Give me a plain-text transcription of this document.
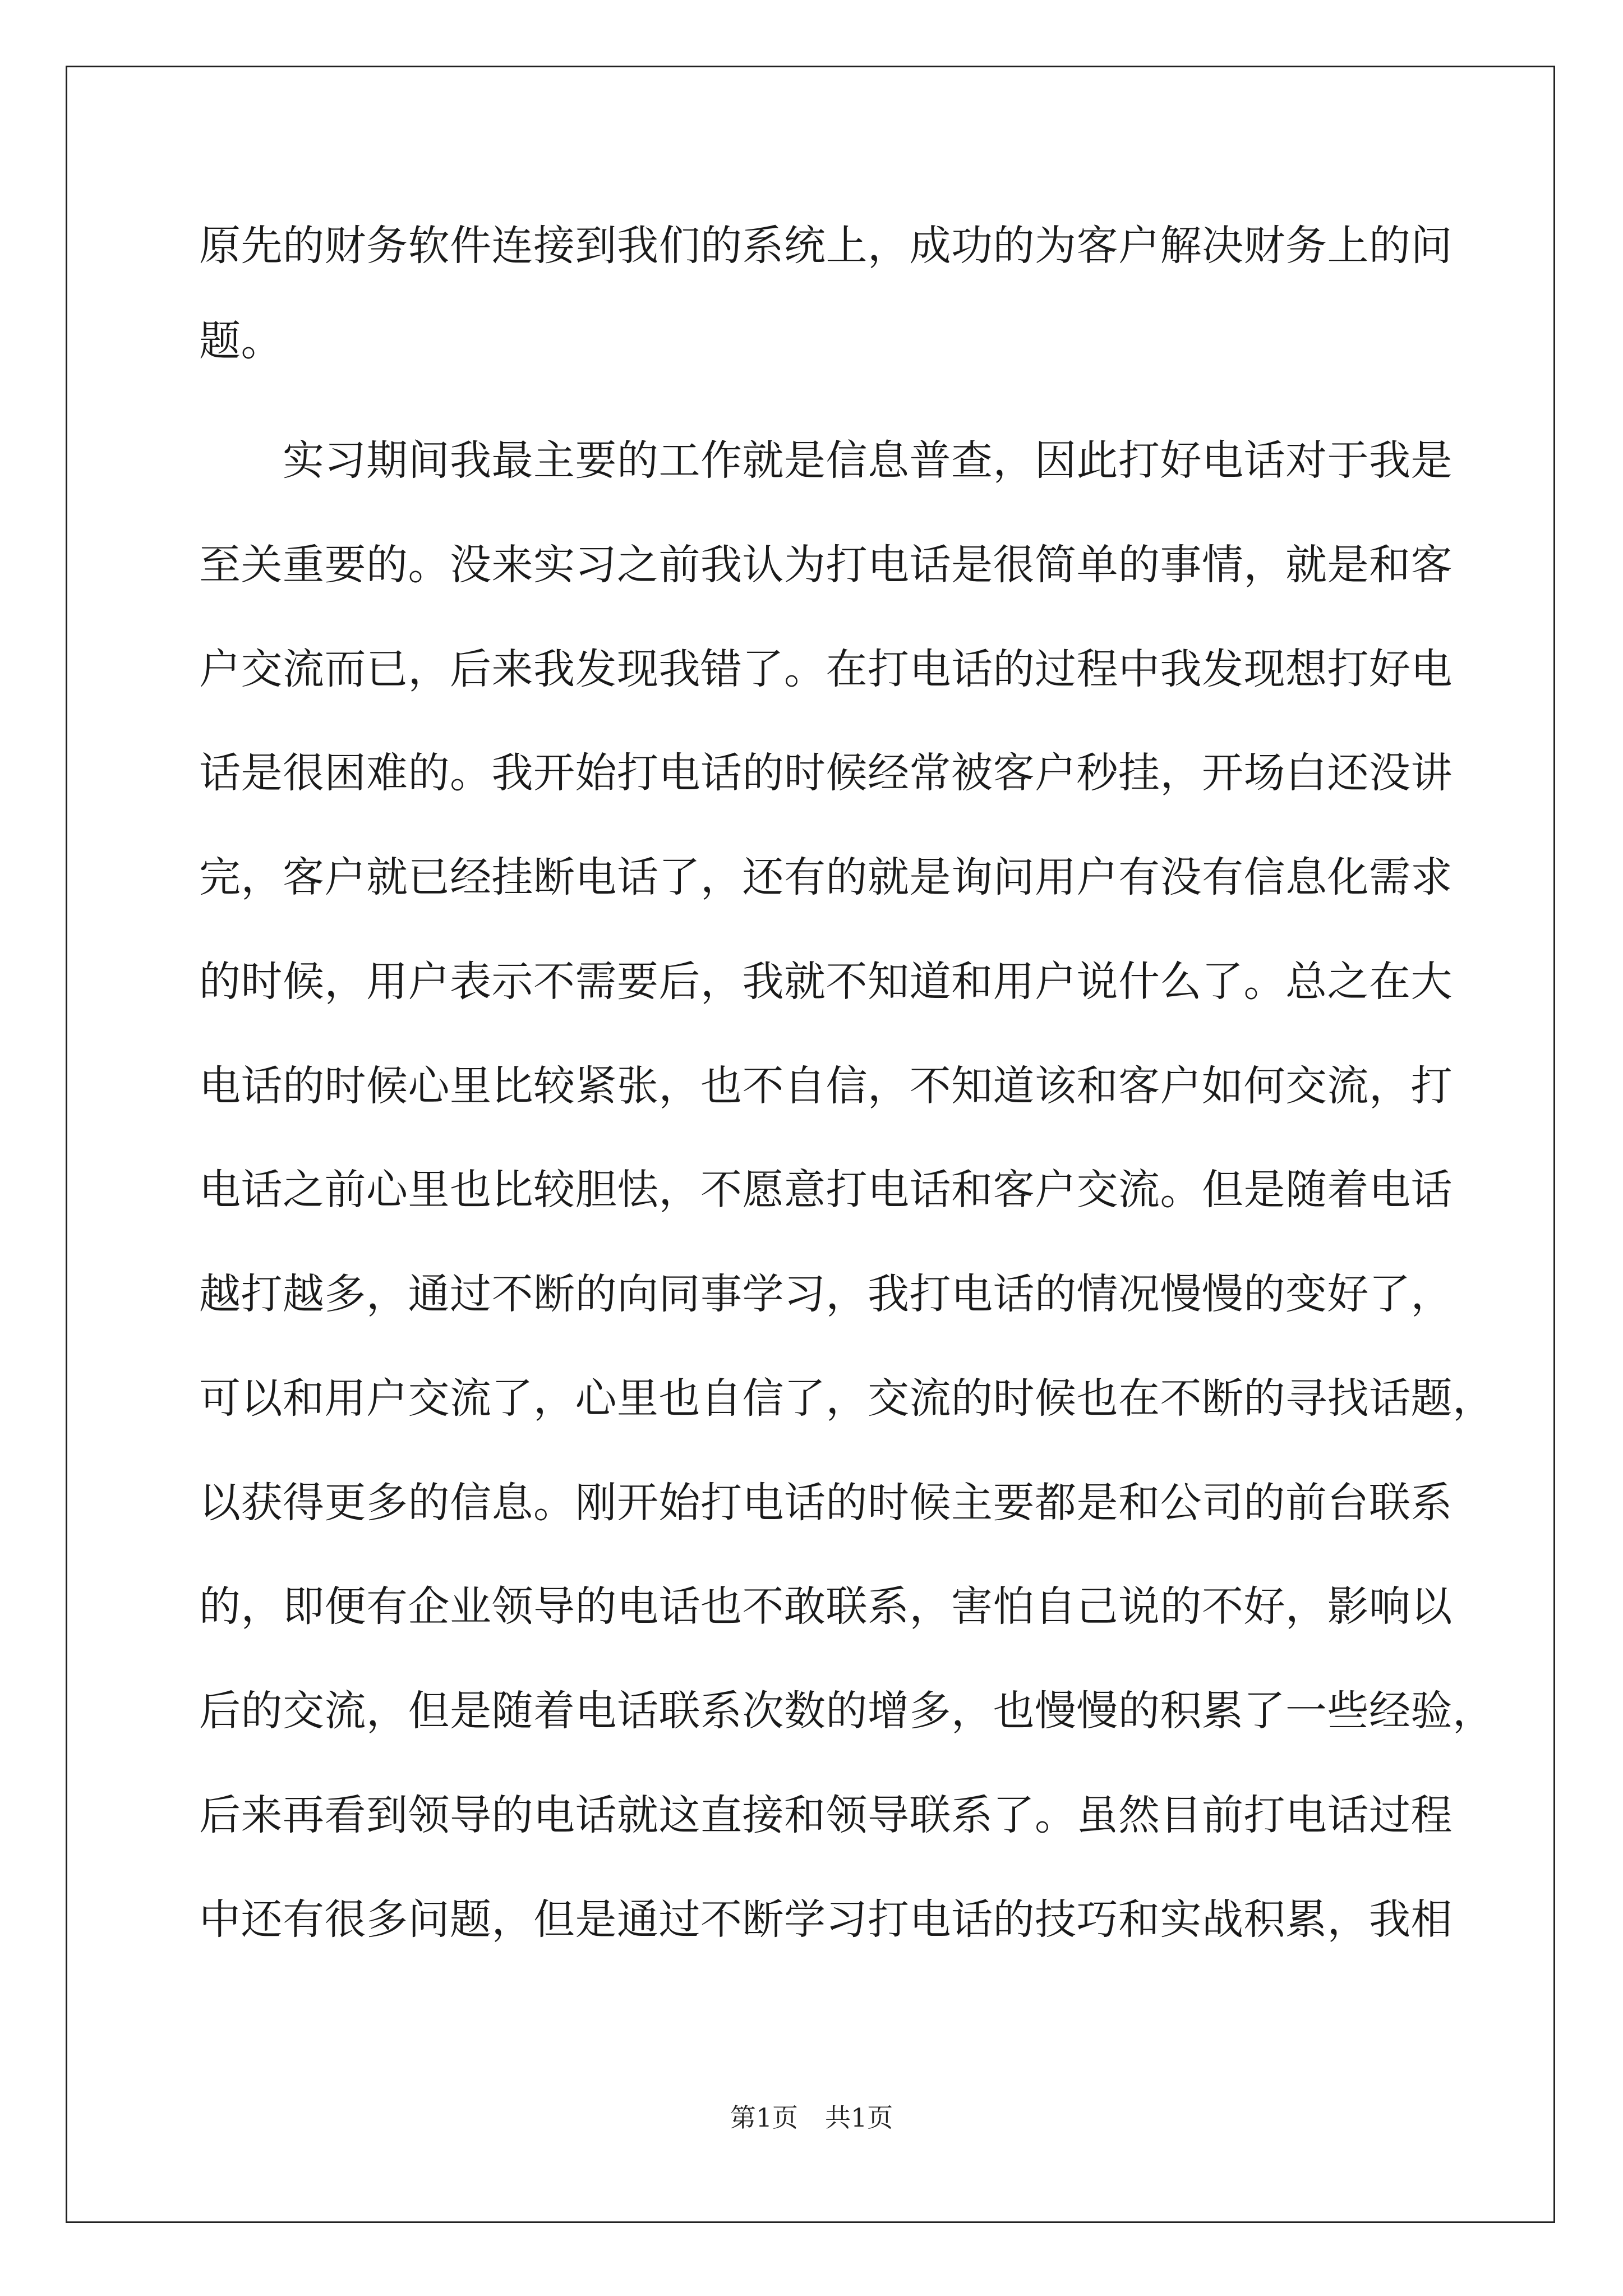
原先的财务软件连接到我们的系统上，成功的为客户解决财务上的问
题。
　　实习期间我最主要的工作就是信息普查，因此打好电话对于我是
至关重要的。没来实习之前我认为打电话是很简单的事情，就是和客
户交流而已，后来我发现我错了。在打电话的过程中我发现想打好电
话是很困难的。我开始打电话的时候经常被客户秒挂，开场白还没讲
完，客户就已经挂断电话了，还有的就是询问用户有没有信息化需求
的时候，用户表示不需要后，我就不知道和用户说什么了。总之在大
电话的时候心里比较紧张，也不自信，不知道该和客户如何交流，打
电话之前心里也比较胆怯，不愿意打电话和客户交流。但是随着电话
越打越多，通过不断的向同事学习，我打电话的情况慢慢的变好了，
可以和用户交流了，心里也自信了，交流的时候也在不断的寻找话题，
以获得更多的信息。刚开始打电话的时候主要都是和公司的前台联系
的，即便有企业领导的电话也不敢联系，害怕自己说的不好，影响以
后的交流，但是随着电话联系次数的增多，也慢慢的积累了一些经验，
后来再看到领导的电话就这直接和领导联系了。虽然目前打电话过程
中还有很多问题，但是通过不断学习打电话的技巧和实战积累，我相
第1页 共1页
